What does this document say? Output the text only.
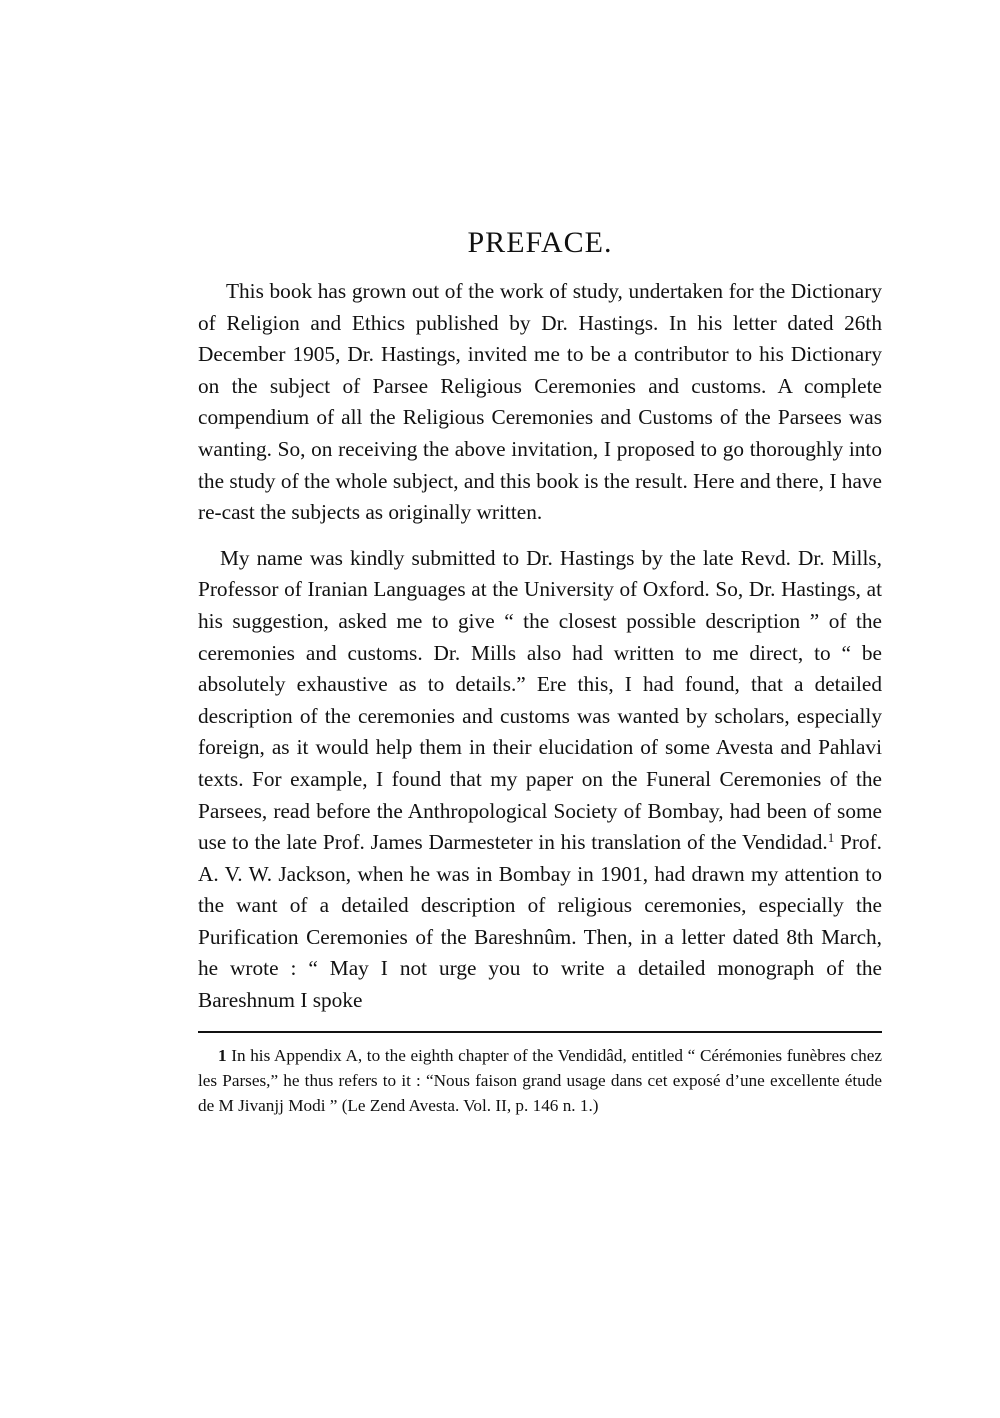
PREFACE.

This book has grown out of the work of study, undertaken for the Dictionary of Religion and Ethics published by Dr. Hastings. In his letter dated 26th December 1905, Dr. Hastings, invited me to be a contributor to his Dictionary on the subject of Parsee Religious Ceremonies and customs. A complete compendium of all the Religious Ceremonies and Customs of the Parsees was wanting. So, on receiving the above invitation, I proposed to go thoroughly into the study of the whole subject, and this book is the result. Here and there, I have re-cast the subjects as originally written.

My name was kindly submitted to Dr. Hastings by the late Revd. Dr. Mills, Professor of Iranian Languages at the University of Oxford. So, Dr. Hastings, at his suggestion, asked me to give “ the closest possible description ” of the ceremonies and customs. Dr. Mills also had written to me direct, to “ be absolutely exhaustive as to details.” Ere this, I had found, that a detailed description of the ceremonies and customs was wanted by scholars, especially foreign, as it would help them in their elucidation of some Avesta and Pahlavi texts. For example, I found that my paper on the Funeral Ceremonies of the Parsees, read before the Anthropological Society of Bombay, had been of some use to the late Prof. James Darmesteter in his translation of the Vendidad.$^1$ Prof. A. V. W. Jackson, when he was in Bombay in 1901, had drawn my attention to the want of a detailed description of religious ceremonies, especially the Purification Ceremonies of the Bareshnûm. Then, in a letter dated 8th March, he wrote : “ May I not urge you to write a detailed monograph of the Bareshnum I spoke

1 In his Appendix A, to the eighth chapter of the Vendidâd, entitled “ Cérémonies funèbres chez les Parses,” he thus refers to it : “Nous faison grand usage dans cet exposé d’une excellente étude de M Jivanjj Modi ” (Le Zend Avesta. Vol. II, p. 146 n. 1.)
